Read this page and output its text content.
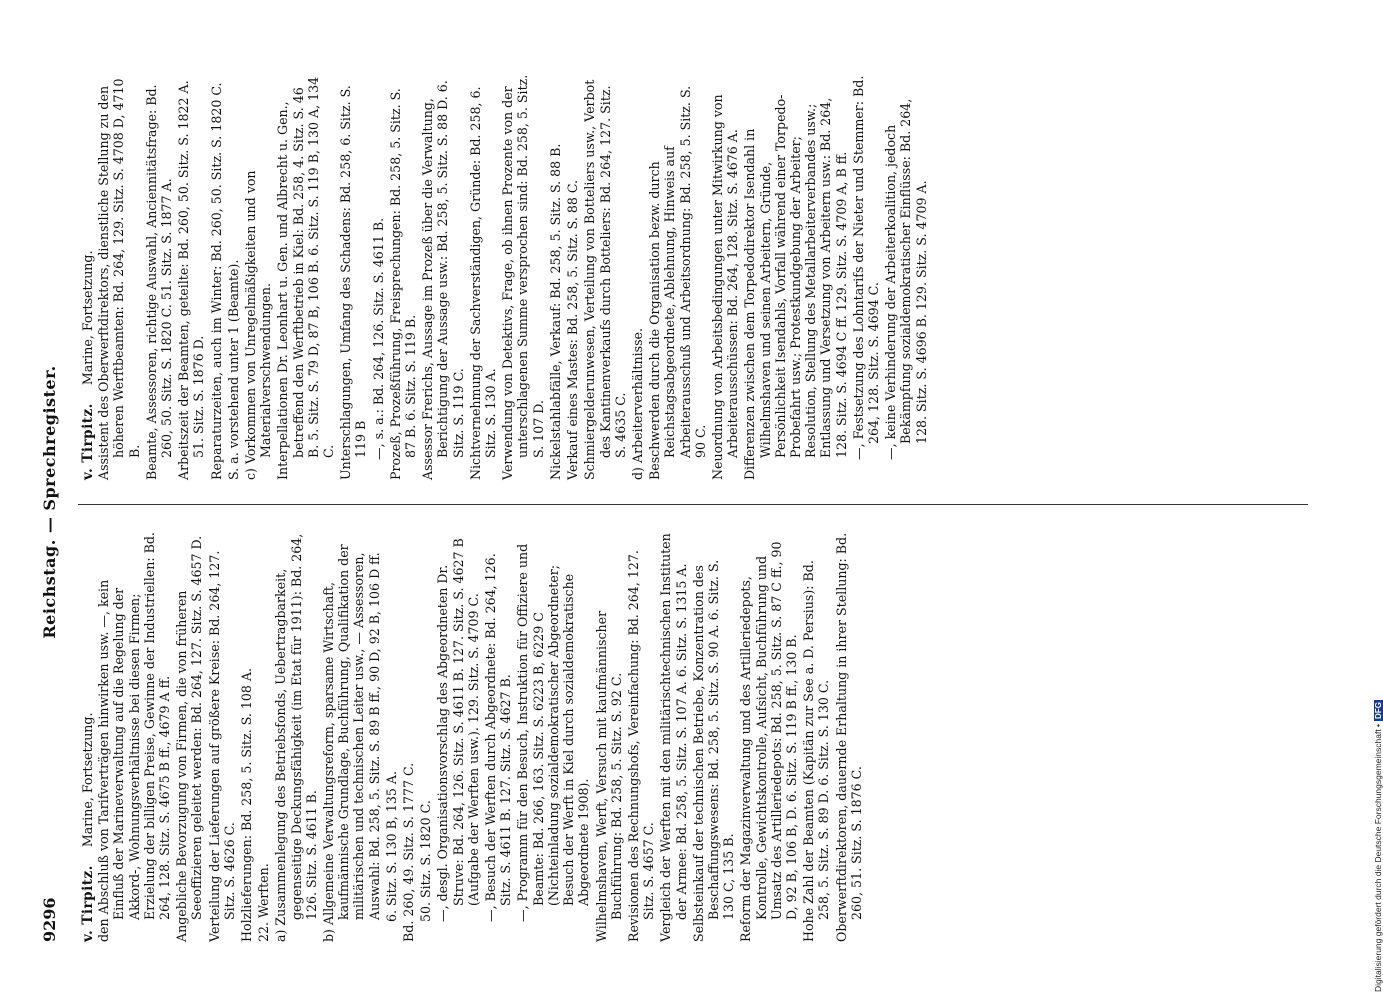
9296
Reichstag. — Sprechregister.
v. Tirpitz.
Marine, Fortsetzung. den Abschluß von Tarifverträgen hinwirken usw. —, kein Einfluß der Marineverwaltung auf die Regelung der Akkord-, Wohnungsverhältnisse bei diesen Firmen; Erzielung der billigen Preise, Gewinne der Industriellen: Bd. 264, 128. Sitz. S. 4675 B ff., 4679 A ff. Angebliche Bevorzugung von Firmen, die von früheren Seeoffizieren geleitet werden: Bd. 264, 127. Sitz. S. 4657 D. Verteilung der Lieferungen auf größere Kreise: Bd. 264, 127. Sitz. S. 4626 C. Holzlieferungen: Bd. 258, 5. Sitz. S. 108 A. 22. Werften. a) Zusammenlegung des Betriebsfonds, Uebertragbarkeit, gegenseitige Deckungsfähigkeit (im Etat für 1911): Bd. 264, 126. Sitz. S. 4611 B. b) Allgemeine Verwaltungsreform, sparsame Wirtschaft, kaufmännische Grundlage, Buchführung, Qualifikation der militärischen und technischen Leiter usw., — Assessoren, Auswahl: Bd. 258, 5. Sitz. S. 89 B ff., 90 D, 92 B, 106 D ff. 6. Sitz. S. 130 B, 135 A. Bd. 260, 49. Sitz. S. 1777 C. 50. Sitz. S. 1820 C. —, desgl. Organisationsvorschlag des Abgeordneten Dr. Struve: Bd. 264, 126. Sitz. S. 4611 B. 127. Sitz. S. 4627 B (Aufgabe der Werften usw.). 129. Sitz. S. 4709 C. —, Besuch der Werften durch Abgeordnete: Bd. 264, 126. Sitz. S. 4611 B. 127. Sitz. S. 4627 B. —, Programm für den Besuch, Instruktion für Offiziere und Beamte: Bd. 266, 163. Sitz. S. 6223 B, 6229 C (Nichteinladung sozialdemokratischer Abgeordneter; Besuch der Werft in Kiel durch sozialdemokratische Abgeordnete 1908). Wilhelmshaven, Werft, Versuch mit kaufmännischer Buchführung: Bd. 258, 5. Sitz. S. 92 C. Revisionen des Rechnungshofs, Vereinfachung: Bd. 264, 127. Sitz. S. 4657 C. Vergleich der Werften mit den militärischtechnischen Instituten der Armee: Bd. 258, 5. Sitz. S. 107 A. 6. Sitz. S. 1315 A. Selbsteinkauf der technischen Betriebe, Konzentration des Beschaffungswesens: Bd. 258, 5. Sitz. S. 90 A. 6. Sitz. S. 130 C, 135 B. Reform der Magazinverwaltung und des Artilleriedepots, Kontrolle, Gewichtskontrolle, Aufsicht, Buchführung und Umsatz des Artilleriedepots: Bd. 258, 5. Sitz. S. 87 C ff., 90 D, 92 B, 106 B, D. 6. Sitz. S. 119 B ff., 130 B. Hohe Zahl der Beamten (Kapitän zur See a. D. Persius): Bd. 258, 5. Sitz. S. 89 D. 6. Sitz. S. 130 C. Oberwerftdirektoren, dauernde Erhaltung in ihrer Stellung: Bd. 260, 51. Sitz. S. 1876 C.
v. Tirpitz.
Marine, Fortsetzung. Assistent des Oberwerftdirektors, dienstliche Stellung zu den höheren Werftbeamten: Bd. 264, 129. Sitz. S. 4708 D, 4710 B. Beamte, Assessoren, richtige Auswahl, Anciennitätsfrage: Bd. 260, 50. Sitz. S. 1820 C. 51. Sitz. S. 1877 A. Arbeitszeit der Beamten, geteilte: Bd. 260, 50. Sitz. S. 1822 A. 51. Sitz. S. 1876 D. Reparaturzeiten, auch im Winter: Bd. 260, 50. Sitz. S. 1820 C. S. a. vorstehend unter 1 (Beamte). c) Vorkommen von Unregelmäßigkeiten und von Materialverschwendungen. Interpellationen Dr. Leonhart u. Gen. und Albrecht u. Gen., betreffend den Werftbetrieb in Kiel: Bd. 258, 4. Sitz. S. 46 B. 5. Sitz. S. 79 D, 87 B, 106 B. 6. Sitz. S. 119 B, 130 A, 134 C. Unterschlagungen, Umfang des Schadens: Bd. 258, 6. Sitz. S. 119 B —, s. a.: Bd. 264, 126. Sitz. S. 4611 B. Prozeß, Prozeßführung, Freisprechungen: Bd. 258, 5. Sitz. S. 87 B. 6. Sitz. S. 119 B. Assessor Frerichs, Aussage im Prozeß über die Verwaltung, Berichtigung der Aussage usw.: Bd. 258, 5. Sitz. S. 88 D. 6. Sitz. S. 119 C. Nichtvernehmung der Sachverständigen, Gründe: Bd. 258, 6. Sitz. S. 130 A. Verwendung von Detektivs, Frage, ob ihnen Prozente von der unterschlagenen Summe versprochen sind: Bd. 258, 5. Sitz. S. 107 D. Nickelstahlabfälle, Verkauf: Bd. 258, 5. Sitz. S. 88 B. Verkauf eines Mastes: Bd. 258, 5. Sitz. S. 88 C. Schmiergelderunwesen, Verteilung von Botteliers usw., Verbot des Kantinenverkaufs durch Botteliers: Bd. 264, 127. Sitz. S. 4635 C. d) Arbeiterverhältnisse. Beschwerden durch die Organisation bezw. durch Reichstagsabgeordnete, Ablehnung, Hinweis auf Arbeiterausschuß und Arbeitsordnung: Bd. 258, 5. Sitz. S. 90 C. Neuordnung von Arbeitsbedingungen unter Mitwirkung von Arbeiterausschüssen: Bd. 264, 128. Sitz. S. 4676 A. Differenzen zwischen dem Torpedodirektor Isendahl in Wilhelmshaven und seinen Arbeitern, Gründe, Persönlichkeit Isendahls, Vorfall während einer Torpedo-Probefahrt usw.; Protestkundgebung der Arbeiter; Resolution, Stellung des Metallarbeiterverbandes usw.; Entlassung und Versetzung von Arbeitern usw.: Bd. 264, 128. Sitz. S. 4694 C ff. 129. Sitz. S. 4709 A, B ff. —, Festsetzung des Lohntarifs der Nieter und Stemmer: Bd. 264, 128. Sitz. S. 4694 C. —, keine Verhinderung der Arbeiterkoalition, jedoch Bekämpfung sozialdemokratischer Einflüsse: Bd. 264, 128. Sitz. S. 4696 B. 129. Sitz. S. 4709 A.
Digitalisierung gefördert durch die Deutsche Forschungsgemeinschaft •DFG
